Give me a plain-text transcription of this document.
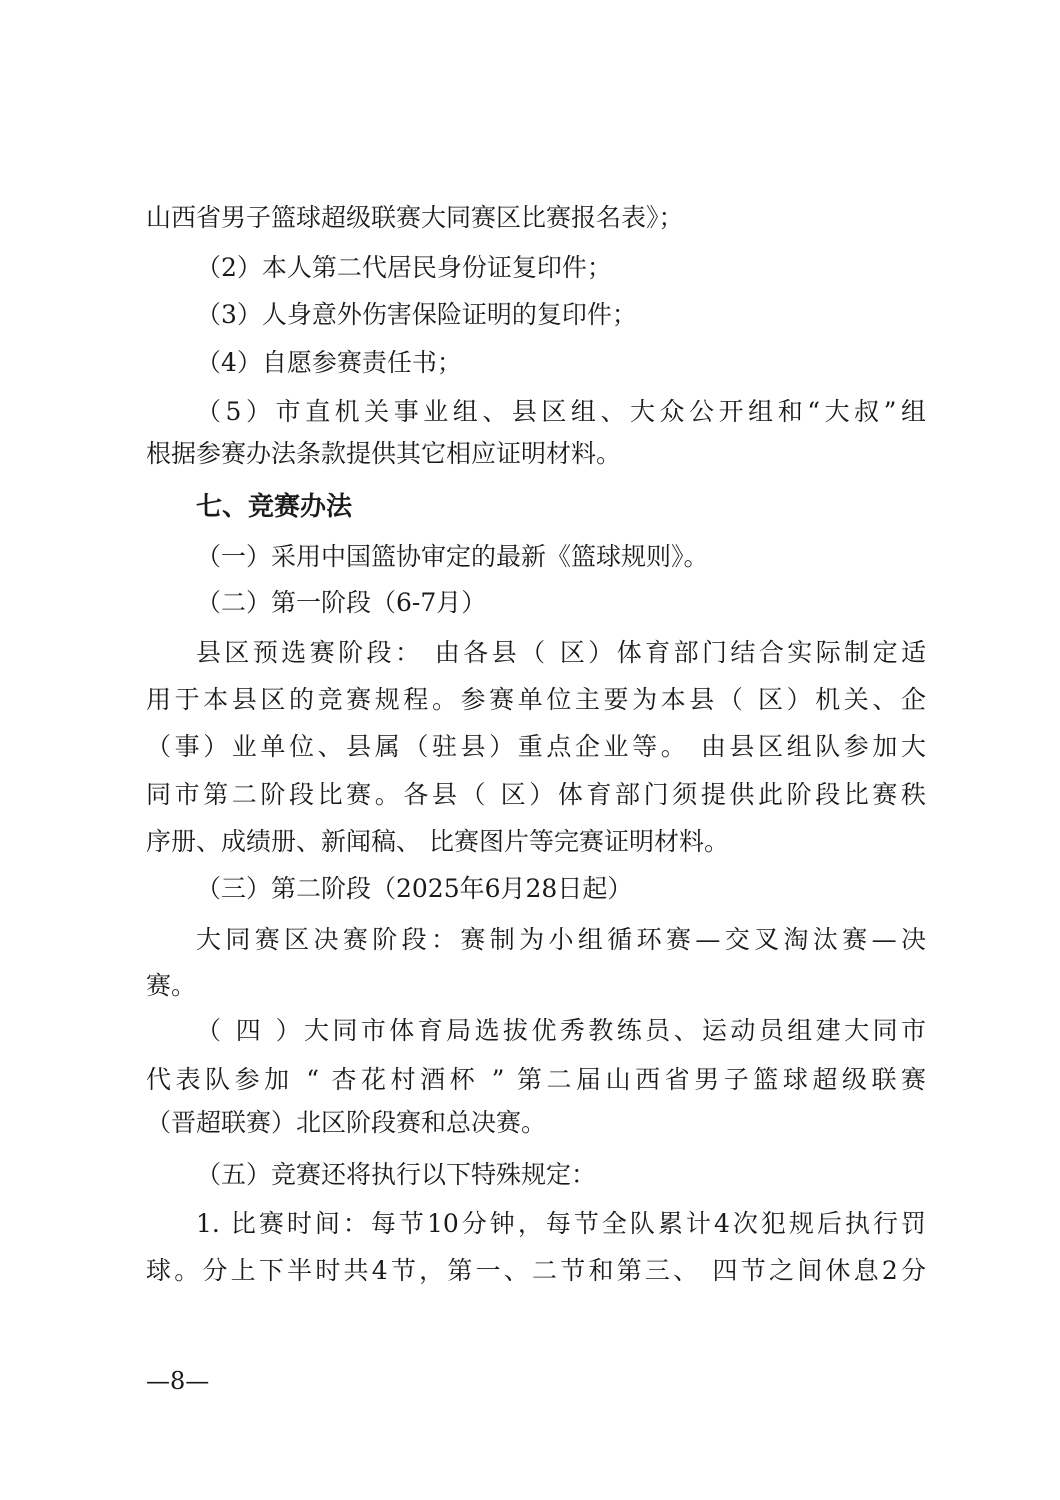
山西省男子篮球超级联赛大同赛区比赛报名表》；
（2）本人第二代居民身份证复印件；
（3）人身意外伤害保险证明的复印件；
（4）自愿参赛责任书；
（5）市直机关事业组、县区组、大众公开组和“大叔”组
根据参赛办法条款提供其它相应证明材料。
七、竞赛办法
（一）采用中国篮协审定的最新《篮球规则》。
（二）第一阶段（6-7月）
县区预选赛阶段： 由各县（ 区）体育部门结合实际制定适
用于本县区的竞赛规程。参赛单位主要为本县（ 区）机关、企
（事）业单位、县属（驻县）重点企业等。 由县区组队参加大
同市第二阶段比赛。各县（ 区）体育部门须提供此阶段比赛秩
序册、成绩册、新闻稿、 比赛图片等完赛证明材料。
（三）第二阶段（2025年6月28日起）
大同赛区决赛阶段：赛制为小组循环赛—交叉淘汰赛—决
赛。
（ 四 ）大同市体育局选拔优秀教练员、运动员组建大同市
代表队参加 “ 杏花村酒杯 ” 第二届山西省男子篮球超级联赛
（晋超联赛）北区阶段赛和总决赛。
（五）竞赛还将执行以下特殊规定：
1. 比赛时间：每节10分钟，每节全队累计4次犯规后执行罚
球。分上下半时共4节，第一、二节和第三、 四节之间休息2分
—8—
